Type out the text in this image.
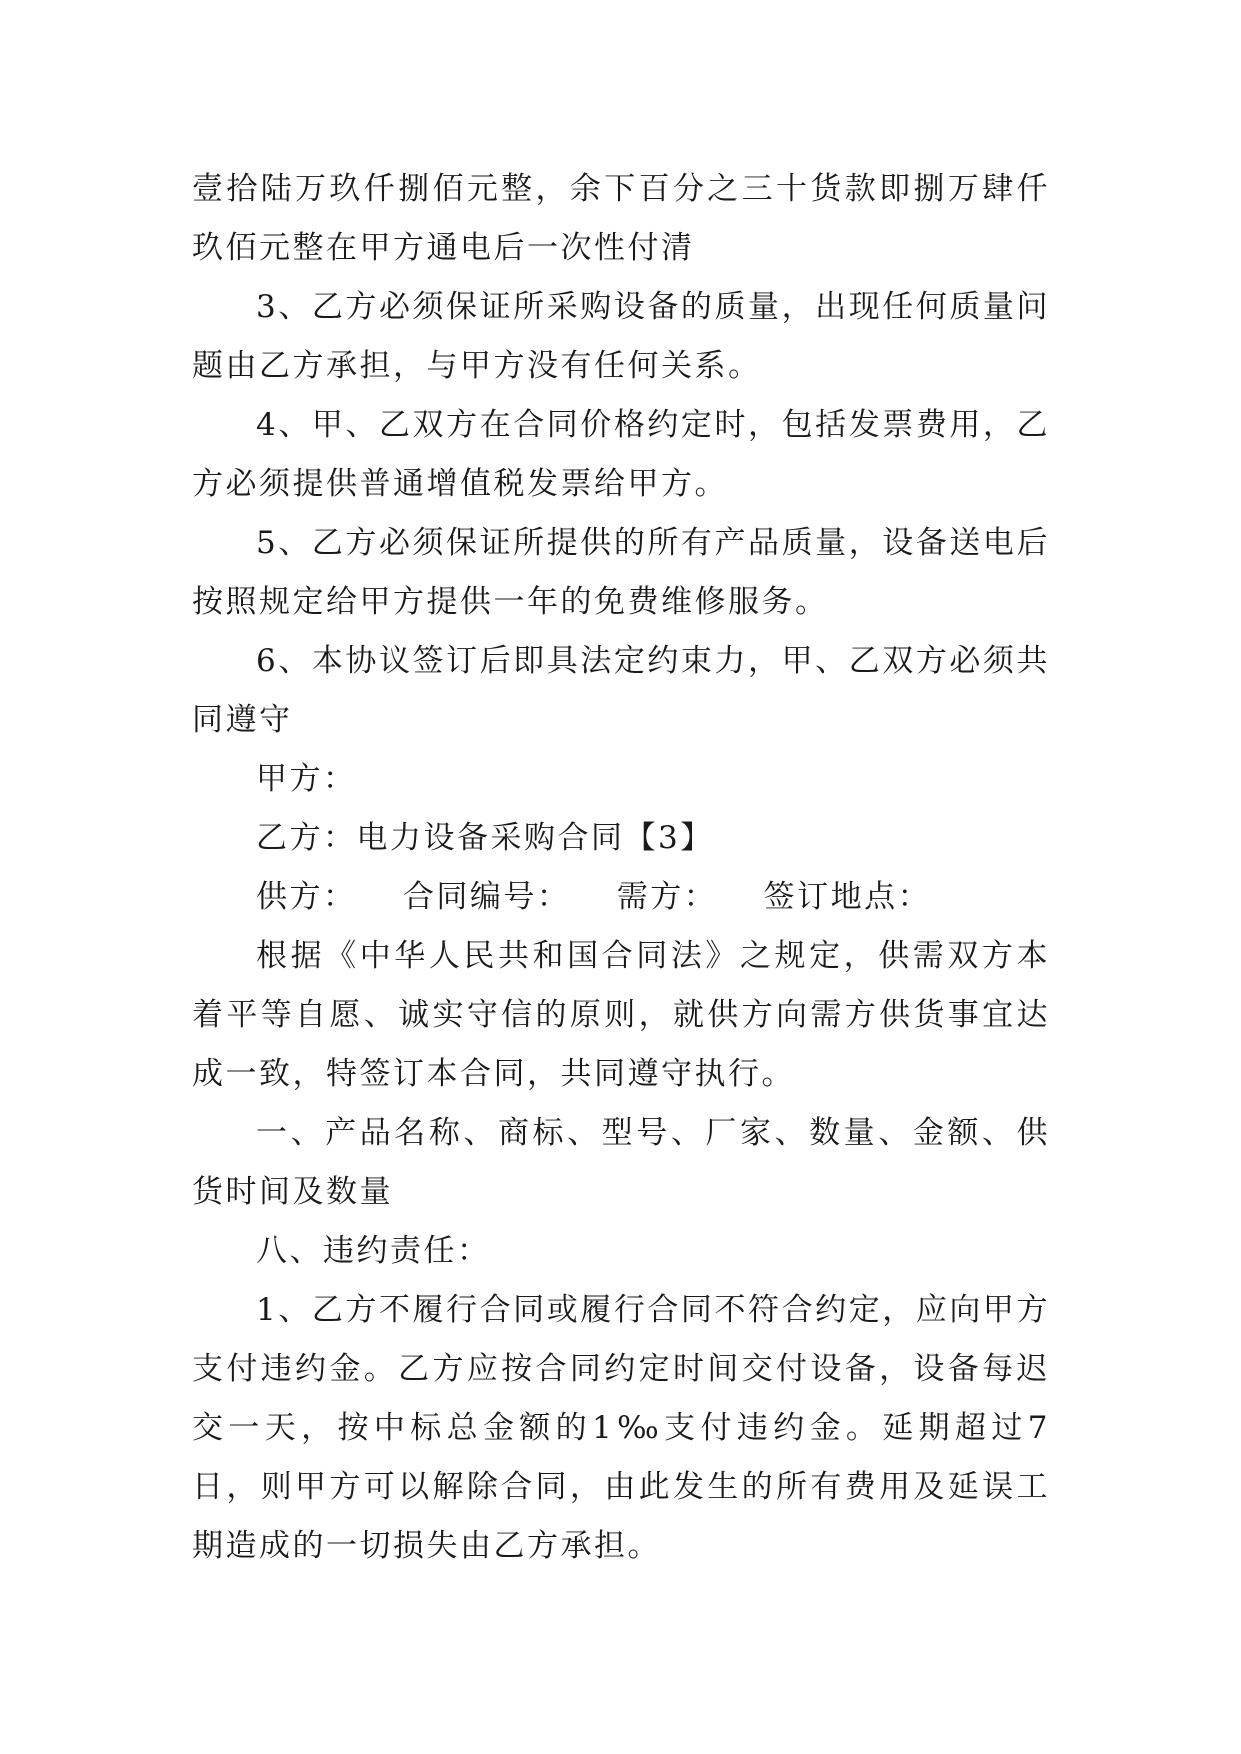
壹拾陆万玖仟捌佰元整，余下百分之三十货款即捌万肆仟玖佰元整在甲方通电后一次性付清

3、乙方必须保证所采购设备的质量，出现任何质量问题由乙方承担，与甲方没有任何关系。

4、甲、乙双方在合同价格约定时，包括发票费用，乙方必须提供普通增值税发票给甲方。

5、乙方必须保证所提供的所有产品质量，设备送电后按照规定给甲方提供一年的免费维修服务。

6、本协议签订后即具法定约束力，甲、乙双方必须共同遵守

甲方：

乙方：电力设备采购合同【3】

供方： 合同编号： 需方： 签订地点：

根据《中华人民共和国合同法》之规定，供需双方本着平等自愿、诚实守信的原则，就供方向需方供货事宜达成一致，特签订本合同，共同遵守执行。

一、产品名称、商标、型号、厂家、数量、金额、供货时间及数量

八、违约责任：

1、乙方不履行合同或履行合同不符合约定，应向甲方支付违约金。乙方应按合同约定时间交付设备，设备每迟交一天，按中标总金额的1‰支付违约金。延期超过7日，则甲方可以解除合同，由此发生的所有费用及延误工期造成的一切损失由乙方承担。
